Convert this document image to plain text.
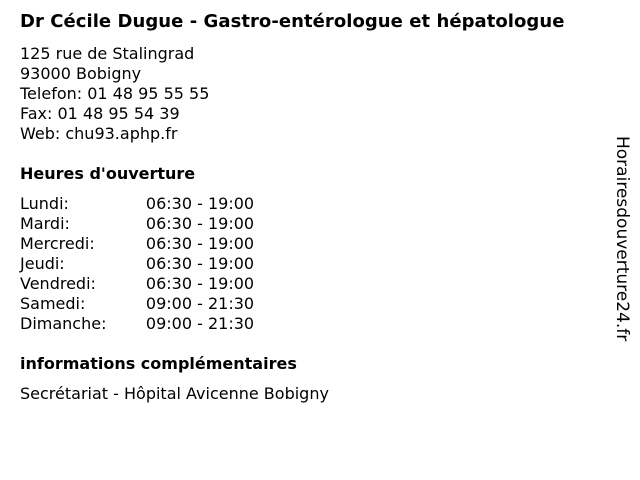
Dr Cécile Dugue - Gastro-entérologue et hépatologue
125 rue de Stalingrad
93000 Bobigny
Telefon: 01 48 95 55 55
Fax: 01 48 95 54 39
Web: chu93.aphp.fr
Heures d'ouverture
Lundi:	06:30 - 19:00
Mardi:	06:30 - 19:00
Mercredi:	06:30 - 19:00
Jeudi:	06:30 - 19:00
Vendredi:	06:30 - 19:00
Samedi:	09:00 - 21:30
Dimanche:	09:00 - 21:30
informations complémentaires
Secrétariat - Hôpital Avicenne Bobigny
Horairesdouverture24.fr
